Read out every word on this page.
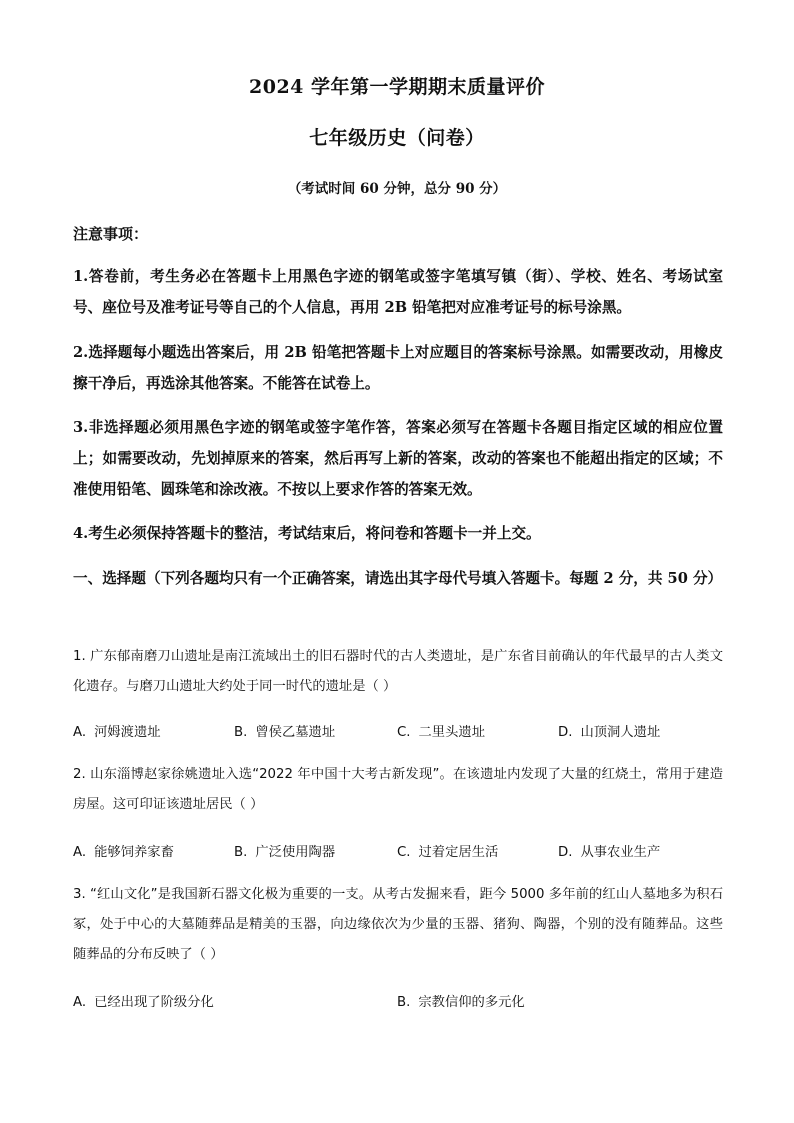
2024 学年第一学期期末质量评价
七年级历史（问卷）
（考试时间 60 分钟，总分 90 分）
注意事项：
1.答卷前，考生务必在答题卡上用黑色字迹的钢笔或签字笔填写镇（街）、学校、姓名、考场试室号、座位号及准考证号等自己的个人信息，再用 2B 铅笔把对应准考证号的标号涂黑。
2.选择题每小题选出答案后，用 2B 铅笔把答题卡上对应题目的答案标号涂黑。如需要改动，用橡皮擦干净后，再选涂其他答案。不能答在试卷上。
3.非选择题必须用黑色字迹的钢笔或签字笔作答，答案必须写在答题卡各题目指定区域的相应位置上；如需要改动，先划掉原来的答案，然后再写上新的答案，改动的答案也不能超出指定的区域；不准使用铅笔、圆珠笔和涂改液。不按以上要求作答的答案无效。
4.考生必须保持答题卡的整洁，考试结束后，将问卷和答题卡一并上交。
一、选择题（下列各题均只有一个正确答案，请选出其字母代号填入答题卡。每题 2 分，共 50 分）
1. 广东郁南磨刀山遗址是南江流域出土的旧石器时代的古人类遗址，是广东省目前确认的年代最早的古人类文化遗存。与磨刀山遗址大约处于同一时代的遗址是（ ）
A. 河姆渡遗址	B. 曾侯乙墓遗址	C. 二里头遗址	D. 山顶洞人遗址
2. 山东淄博赵家徐姚遗址入选“2022 年中国十大考古新发现”。在该遗址内发现了大量的红烧土，常用于建造房屋。这可印证该遗址居民（ ）
A. 能够饲养家畜	B. 广泛使用陶器	C. 过着定居生活	D. 从事农业生产
3. “红山文化”是我国新石器文化极为重要的一支。从考古发掘来看，距今 5000 多年前的红山人墓地多为积石冢，处于中心的大墓随葬品是精美的玉器，向边缘依次为少量的玉器、猪狗、陶器，个别的没有随葬品。这些随葬品的分布反映了（ ）
A. 已经出现了阶级分化	B. 宗教信仰的多元化
